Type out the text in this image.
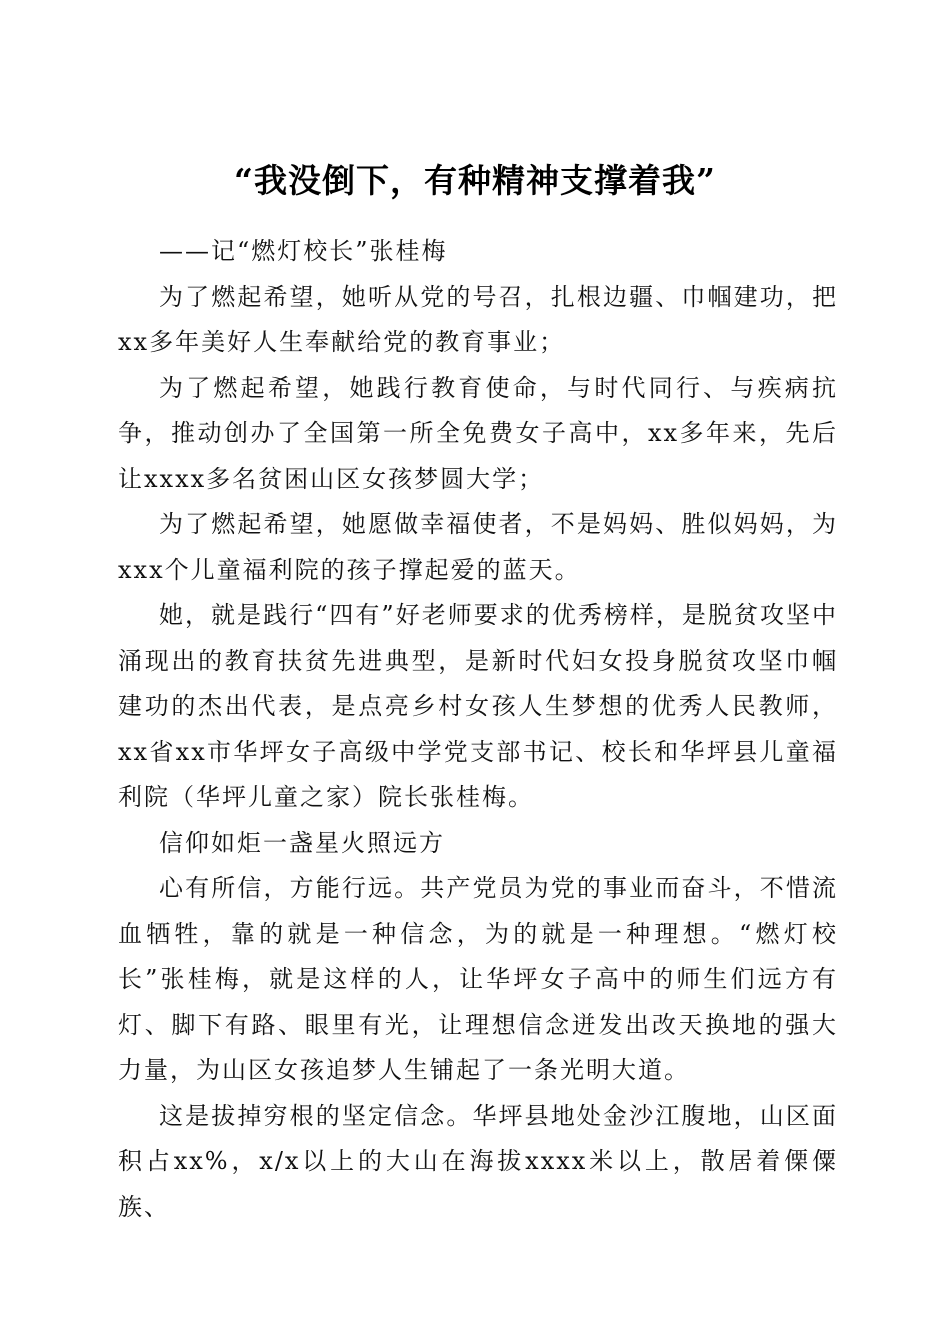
“我没倒下，有种精神支撑着我”

——记“燃灯校长”张桂梅

为了燃起希望，她听从党的号召，扎根边疆、巾帼建功，把xx多年美好人生奉献给党的教育事业；

为了燃起希望，她践行教育使命，与时代同行、与疾病抗争，推动创办了全国第一所全免费女子高中，xx多年来，先后让xxxx多名贫困山区女孩梦圆大学；

为了燃起希望，她愿做幸福使者，不是妈妈、胜似妈妈，为xxx个儿童福利院的孩子撑起爱的蓝天。

她，就是践行“四有”好老师要求的优秀榜样，是脱贫攻坚中涌现出的教育扶贫先进典型，是新时代妇女投身脱贫攻坚巾帼建功的杰出代表，是点亮乡村女孩人生梦想的优秀人民教师，xx省xx市华坪女子高级中学党支部书记、校长和华坪县儿童福利院（华坪儿童之家）院长张桂梅。

信仰如炬一盏星火照远方

心有所信，方能行远。共产党员为党的事业而奋斗，不惜流血牺牲，靠的就是一种信念，为的就是一种理想。“燃灯校长”张桂梅，就是这样的人，让华坪女子高中的师生们远方有灯、脚下有路、眼里有光，让理想信念迸发出改天换地的强大力量，为山区女孩追梦人生铺起了一条光明大道。

这是拔掉穷根的坚定信念。华坪县地处金沙江腹地，山区面积占xx%，x/x以上的大山在海拔xxxx米以上，散居着傈僳族、
